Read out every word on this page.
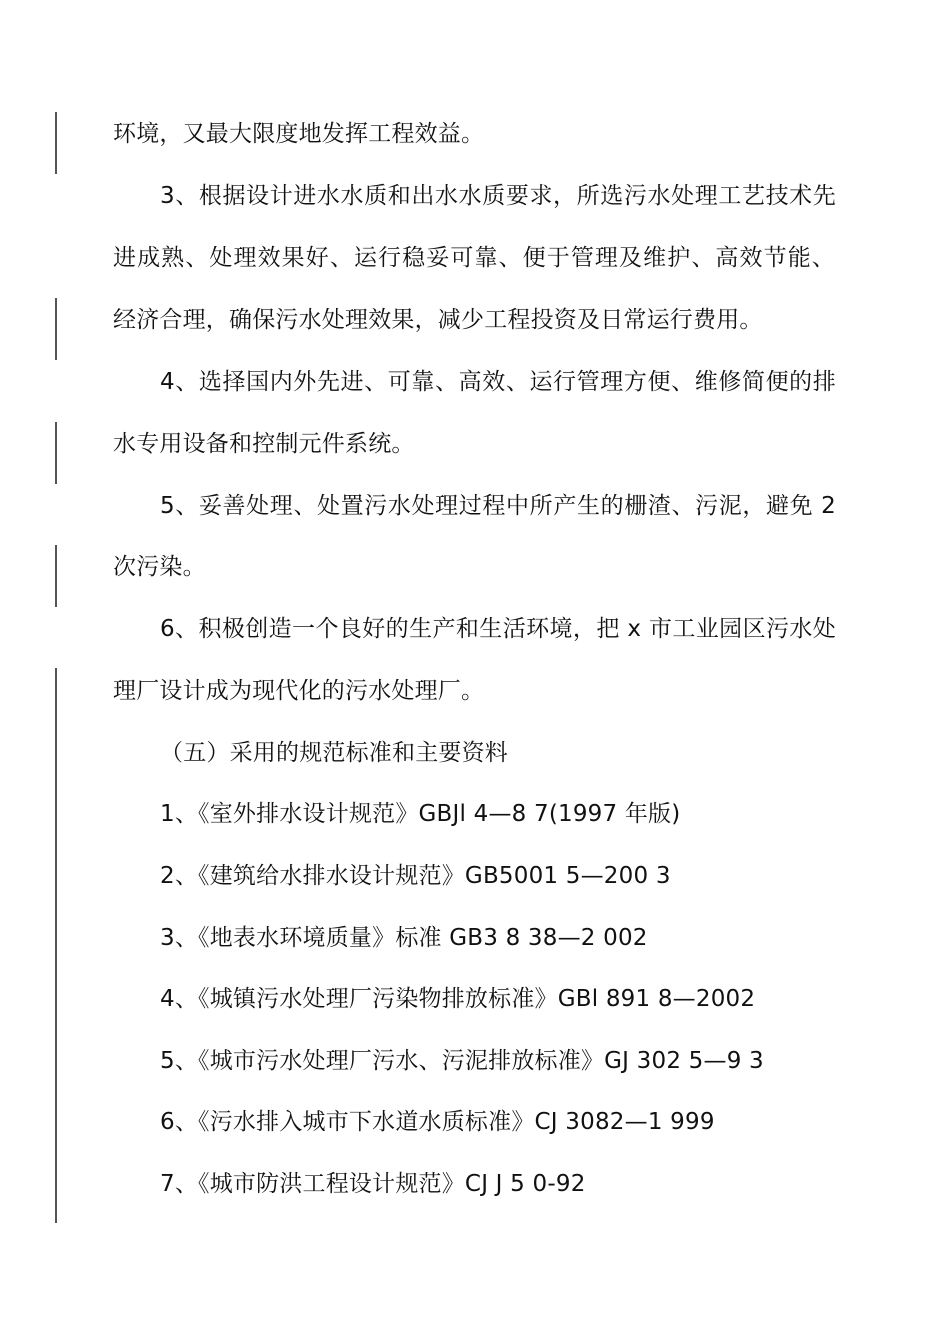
环境，又最大限度地发挥工程效益。
3、根据设计进水水质和出水水质要求，所选污水处理工艺技术先
进成熟、处理效果好、运行稳妥可靠、便于管理及维护、高效节能、
经济合理，确保污水处理效果，减少工程投资及日常运行费用。
4、选择国内外先进、可靠、高效、运行管理方便、维修简便的排
水专用设备和控制元件系统。
5、妥善处理、处置污水处理过程中所产生的栅渣、污泥，避免 2
次污染。
6、积极创造一个良好的生产和生活环境，把 x 市工业园区污水处
理厂设计成为现代化的污水处理厂。
（五）采用的规范标准和主要资料
1、《室外排水设计规范》GBJl 4—8 7(1997 年版)
2、《建筑给水排水设计规范》GB5001 5—200 3
3、《地表水环境质量》标准 GB3 8 38—2 002
4、《城镇污水处理厂污染物排放标准》GBl 891 8—2002
5、《城市污水处理厂污水、污泥排放标准》GJ 302 5—9 3
6、《污水排入城市下水道水质标准》CJ 3082—1 999
7、《城市防洪工程设计规范》CJ J 5 0-92
